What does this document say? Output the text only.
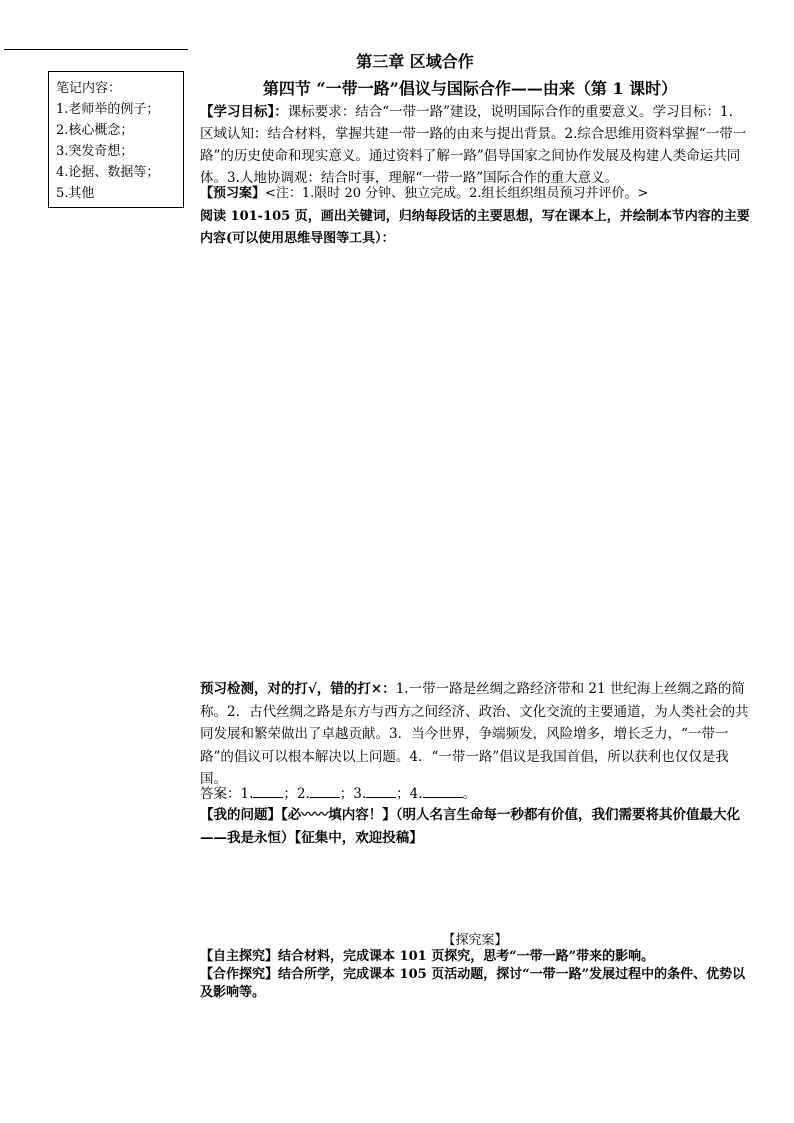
笔记内容：
1.老师举的例子；
2.核心概念；
3.突发奇想；
4.论据、数据等；
5.其他
第三章 区域合作
第四节 “一带一路”倡议与国际合作——由来（第 1 课时）
【学习目标】：课标要求：结合“一带一路”建设，说明国际合作的重要意义。学习目标：1. 区域认知：结合材料，掌握共建一带一路的由来与提出背景。2.综合思维用资料掌握“一带一路”的历史使命和现实意义。通过资料了解一路”倡导国家之间协作发展及构建人类命运共同体。3.人地协调观：结合时事，理解“一带一路”国际合作的重大意义。
【预习案】<注：1.限时 20 分钟、独立完成。2.组长组织组员预习并评价。>
阅读 101-105 页，画出关键词，归纳每段话的主要思想，写在课本上，并绘制本节内容的主要内容(可以使用思维导图等工具）：
预习检测，对的打√，错的打×：1.一带一路是丝绸之路经济带和 21 世纪海上丝绸之路的简称。2．古代丝绸之路是东方与西方之间经济、政治、文化交流的主要通道，为人类社会的共同发展和繁荣做出了卓越贡献。3．当今世界，争端频发，风险增多，增长乏力，“一带一路”的倡议可以根本解决以上问题。4．“一带一路”倡议是我国首倡，所以获利也仅仅是我国。
答案：1. ；2. ；3. ；4.	。
【我的问题】【必〰〰填内容！】（明人名言生命每一秒都有价值，我们需要将其价值最大化——我是永恒）【征集中，欢迎投稿】
【探究案】
【自主探究】结合材料，完成课本 101 页探究，思考“一带一路”带来的影响。
【合作探究】结合所学，完成课本 105 页活动题，探讨“一带一路”发展过程中的条件、优势以及影响等。
